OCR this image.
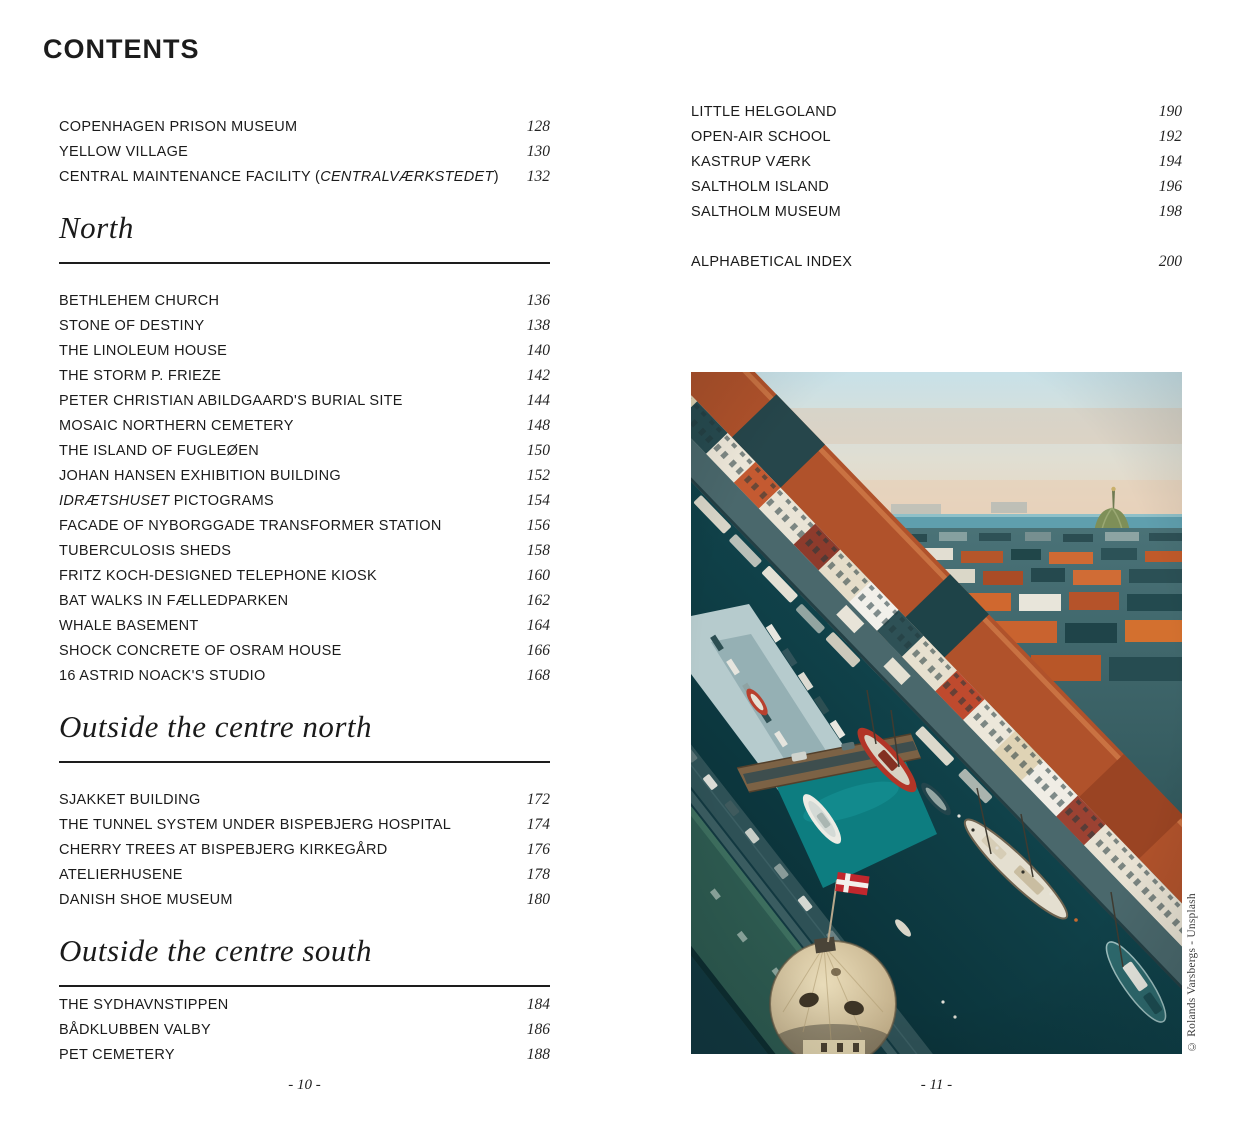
CONTENTS
COPENHAGEN PRISON MUSEUM	128
YELLOW VILLAGE	130
CENTRAL MAINTENANCE FACILITY (CENTRALVÆRKSTEDET) 132
North
BETHLEHEM CHURCH	136
STONE OF DESTINY	138
THE LINOLEUM HOUSE	140
THE STORM P. FRIEZE	142
PETER CHRISTIAN ABILDGAARD'S BURIAL SITE	144
MOSAIC NORTHERN CEMETERY	148
THE ISLAND OF FUGLEØEN	150
JOHAN HANSEN EXHIBITION BUILDING	152
IDRÆTSHUSET PICTOGRAMS	154
FACADE OF NYBORGGADE TRANSFORMER STATION	156
TUBERCULOSIS SHEDS	158
FRITZ KOCH-DESIGNED TELEPHONE KIOSK	160
BAT WALKS IN FÆLLEDPARKEN	162
WHALE BASEMENT	164
SHOCK CONCRETE OF OSRAM HOUSE	166
16 ASTRID NOACK'S STUDIO	168
Outside the centre north
SJAKKET BUILDING	172
THE TUNNEL SYSTEM UNDER BISPEBJERG HOSPITAL	174
CHERRY TREES AT BISPEBJERG KIRKEGÅRD	176
ATELIERHUSENE	178
DANISH SHOE MUSEUM	180
Outside the centre south
THE SYDHAVNSTIPPEN	184
BÅDKLUBBEN VALBY	186
PET CEMETERY	188
LITTLE HELGOLAND	190
OPEN-AIR SCHOOL	192
KASTRUP VÆRK	194
SALTHOLM ISLAND	196
SALTHOLM MUSEUM	198
ALPHABETICAL INDEX	200
© Rolands Varsbergs - Unsplash
- 10 -	- 11 -
